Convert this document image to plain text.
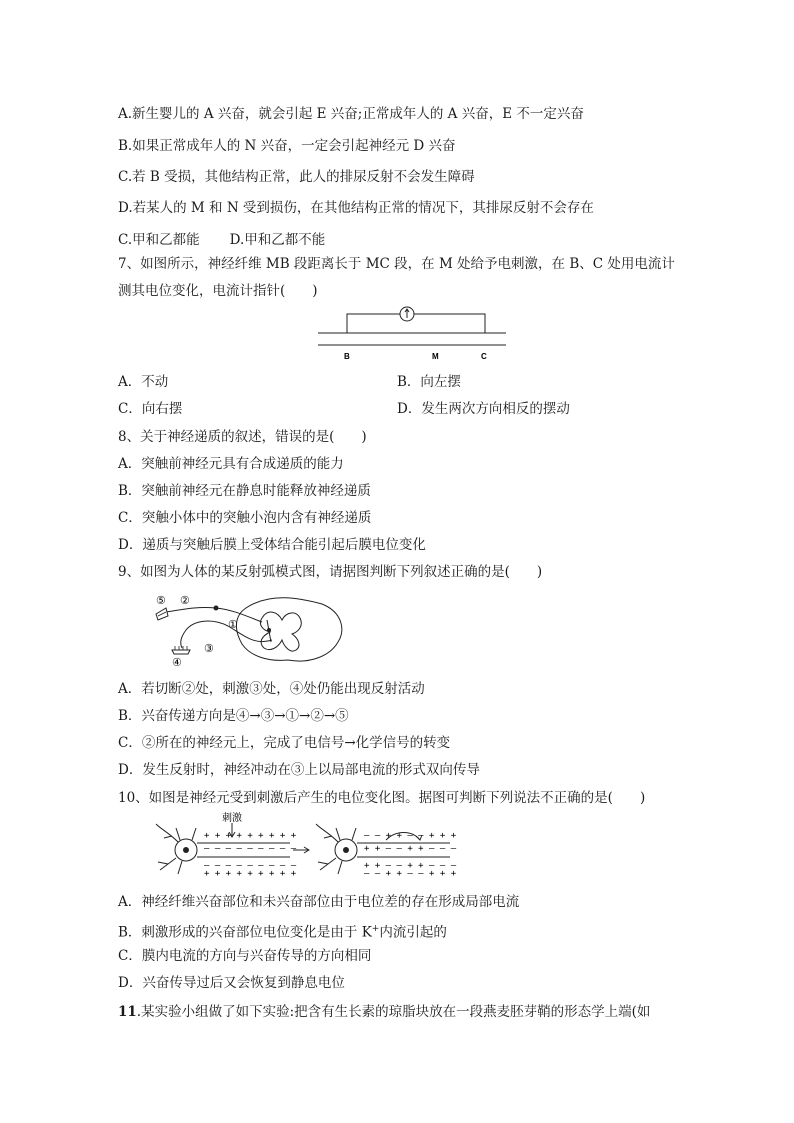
A.新生婴儿的 A 兴奋，就会引起 E 兴奋;正常成年人的 A 兴奋，E 不一定兴奋
B.如果正常成年人的 N 兴奋，一定会引起神经元 D 兴奋
C.若 B 受损，其他结构正常，此人的排尿反射不会发生障碍
D.若某人的 M 和 N 受到损伤，在其他结构正常的情况下，其排尿反射不会存在
C.甲和乙都能 D.甲和乙都不能
7、如图所示，神经纤维 MB 段距离长于 MC 段，在 M 处给予电刺激，在 B、C 处用电流计
测其电位变化，电流计指针(　　)
B	M	C
A．不动	B．向左摆
C．向右摆	D．发生两次方向相反的摆动
8、关于神经递质的叙述，错误的是(　　)
A．突触前神经元具有合成递质的能力
B．突触前神经元在静息时能释放神经递质
C．突触小体中的突触小泡内含有神经递质
D．递质与突触后膜上受体结合能引起后膜电位变化
9、如图为人体的某反射弧模式图，请据图判断下列叙述正确的是(　　)
⑤ ②
①
③
④
A．若切断②处，刺激③处，④处仍能出现反射活动
B．兴奋传递方向是④→③→①→②→⑤
C．②所在的神经元上，完成了电信号→化学信号的转变
D．发生反射时，神经冲动在③上以局部电流的形式双向传导
10、如图是神经元受到刺激后产生的电位变化图。据图可判断下列说法不正确的是(　　)
+ + + + + + + + +
– – – – – – – – –
– – – – – – – – –
+ + + + + + + + +
刺激
– – + + – – + + +
+ + – – + + – – –
+ + – – + + – – –
– – + + – – + + +
A．神经纤维兴奋部位和未兴奋部位由于电位差的存在形成局部电流
B．刺激形成的兴奋部位电位变化是由于 K+内流引起的
C．膜内电流的方向与兴奋传导的方向相同
D．兴奋传导过后又会恢复到静息电位
11.某实验小组做了如下实验:把含有生长素的琼脂块放在一段燕麦胚芽鞘的形态学上端(如
